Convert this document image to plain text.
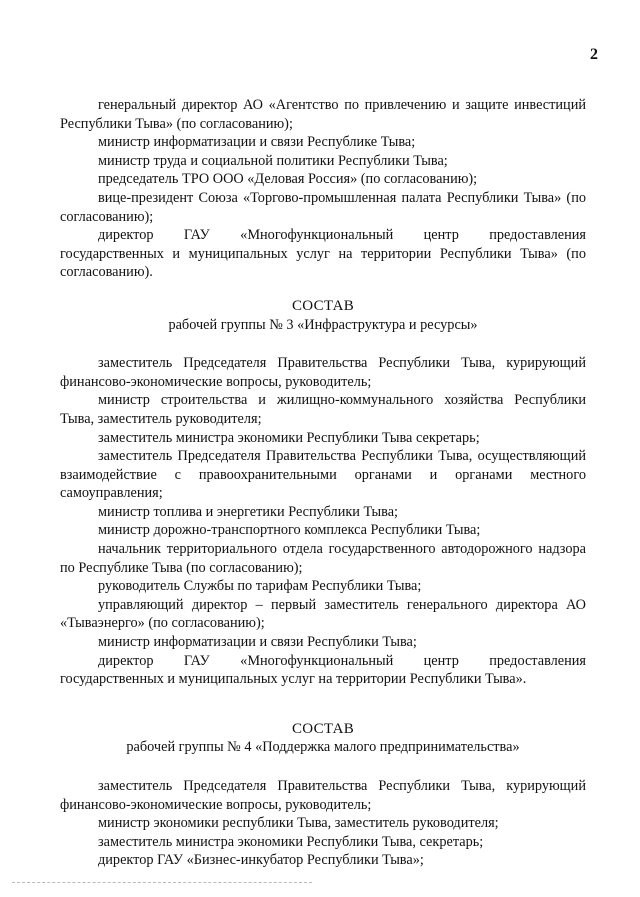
2

генеральный директор АО «Агентство по привлечению и защите инвестиций Республики Тыва» (по согласованию);

министр информатизации и связи Республике Тыва;

министр труда и социальной политики Республики Тыва;

председатель ТРО ООО «Деловая Россия» (по согласованию);

вице-президент Союза «Торгово-промышленная палата Республики Тыва» (по согласованию);

директор ГАУ «Многофункциональный центр предоставления государственных и муниципальных услуг на территории Республики Тыва» (по согласованию).

СОСТАВ

рабочей группы № 3 «Инфраструктура и ресурсы»

заместитель Председателя Правительства Республики Тыва, курирующий финансово-экономические вопросы, руководитель;

министр строительства и жилищно-коммунального хозяйства Республики Тыва, заместитель руководителя;

заместитель министра экономики Республики Тыва секретарь;

заместитель Председателя Правительства Республики Тыва, осуществляющий взаимодействие с правоохранительными органами и органами местного самоуправления;

министр топлива и энергетики Республики Тыва;

министр дорожно-транспортного комплекса Республики Тыва;

начальник территориального отдела государственного автодорожного надзора по Республике Тыва (по согласованию);

руководитель Службы по тарифам Республики Тыва;

управляющий директор – первый заместитель генерального директора АО «Тываэнерго» (по согласованию);

министр информатизации и связи Республики Тыва;

директор ГАУ «Многофункциональный центр предоставления государственных и муниципальных услуг на территории Республики Тыва».

СОСТАВ

рабочей группы № 4 «Поддержка малого предпринимательства»

заместитель Председателя Правительства Республики Тыва, курирующий финансово-экономические вопросы, руководитель;

министр экономики республики Тыва, заместитель руководителя;

заместитель министра экономики Республики Тыва, секретарь;

директор ГАУ «Бизнес-инкубатор Республики Тыва»;
